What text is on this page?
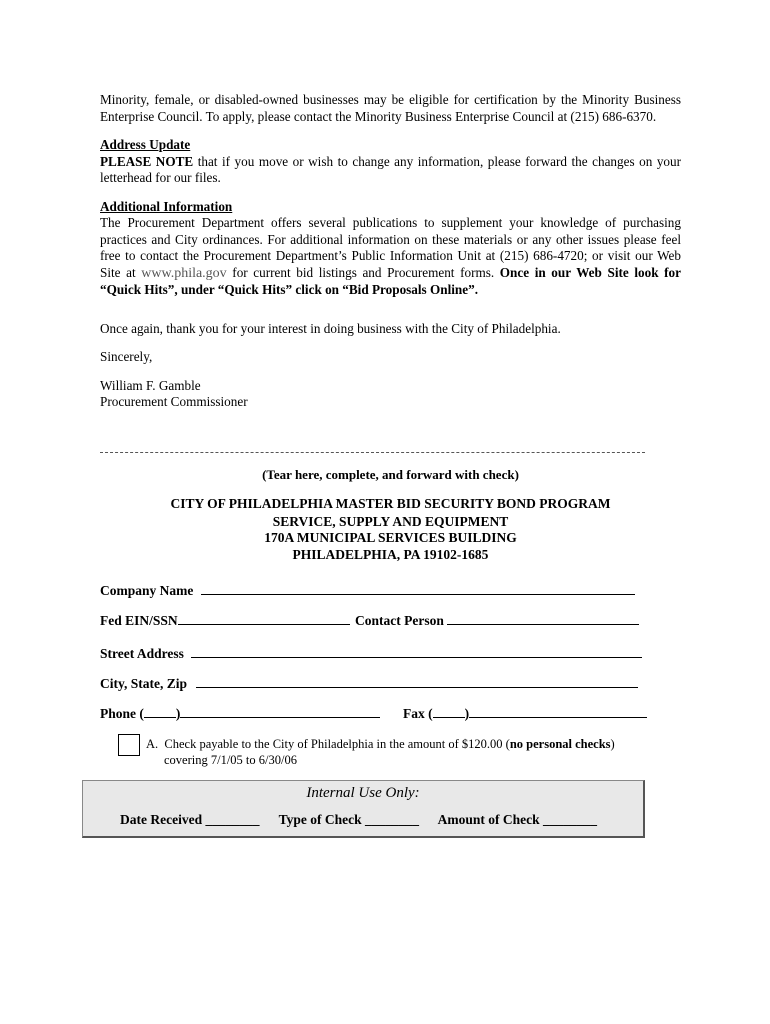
Minority, female, or disabled-owned businesses may be eligible for certification by the Minority Business Enterprise Council. To apply, please contact the Minority Business Enterprise Council at (215) 686-6370.

Address Update

PLEASE NOTE that if you move or wish to change any information, please forward the changes on your letterhead for our files.

Additional Information

The Procurement Department offers several publications to supplement your knowledge of purchasing practices and City ordinances. For additional information on these materials or any other issues please feel free to contact the Procurement Department’s Public Information Unit at (215) 686-4720; or visit our Web Site at www.phila.gov for current bid listings and Procurement forms. Once in our Web Site look for “Quick Hits”, under “Quick Hits” click on “Bid Proposals Online”.

Once again, thank you for your interest in doing business with the City of Philadelphia.

Sincerely,

William F. Gamble

Procurement Commissioner

(Tear here, complete, and forward with check)
CITY OF PHILADELPHIA MASTER BID SECURITY BOND PROGRAM
SERVICE, SUPPLY AND EQUIPMENT
170A MUNICIPAL SERVICES BUILDING
PHILADELPHIA, PA 19102-1685
Company Name
Fed EIN/SSN	Contact Person
Street Address
City, State, Zip
Phone ( )	Fax ( )
A. Check payable to the City of Philadelphia in the amount of $120.00 (no personal checks)
covering 7/1/05 to 6/30/06
Internal Use Only:
Date Received ________ Type of Check ________ Amount of Check ________
